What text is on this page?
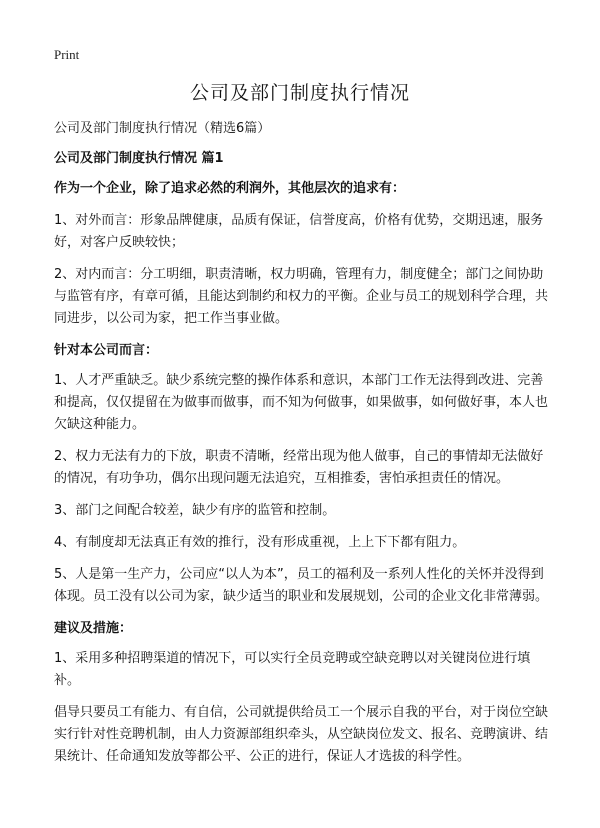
Print
公司及部门制度执行情况

公司及部门制度执行情况（精选6篇）

公司及部门制度执行情况 篇1

作为一个企业，除了追求必然的利润外，其他层次的追求有：

1、对外而言：形象品牌健康，品质有保证，信誉度高，价格有优势，交期迅速，服务好，对客户反映较快；

2、对内而言：分工明细，职责清晰，权力明确，管理有力，制度健全；部门之间协助与监管有序，有章可循，且能达到制约和权力的平衡。企业与员工的规划科学合理，共同进步，以公司为家，把工作当事业做。

针对本公司而言：

1、人才严重缺乏。缺少系统完整的操作体系和意识，本部门工作无法得到改进、完善和提高，仅仅提留在为做事而做事，而不知为何做事，如果做事，如何做好事，本人也欠缺这种能力。

2、权力无法有力的下放，职责不清晰，经常出现为他人做事，自己的事情却无法做好的情况，有功争功，偶尔出现问题无法追究，互相推委，害怕承担责任的情况。

3、部门之间配合较差，缺少有序的监管和控制。

4、有制度却无法真正有效的推行，没有形成重视，上上下下都有阻力。

5、人是第一生产力，公司应“以人为本”，员工的福利及一系列人性化的关怀并没得到体现。员工没有以公司为家，缺少适当的职业和发展规划，公司的企业文化非常薄弱。

建议及措施：

1、采用多种招聘渠道的情况下，可以实行全员竞聘或空缺竞聘以对关键岗位进行填补。

倡导只要员工有能力、有自信，公司就提供给员工一个展示自我的平台，对于岗位空缺实行针对性竞聘机制，由人力资源部组织牵头，从空缺岗位发文、报名、竞聘演讲、结果统计、任命通知发放等都公平、公正的进行，保证人才选拔的科学性。
